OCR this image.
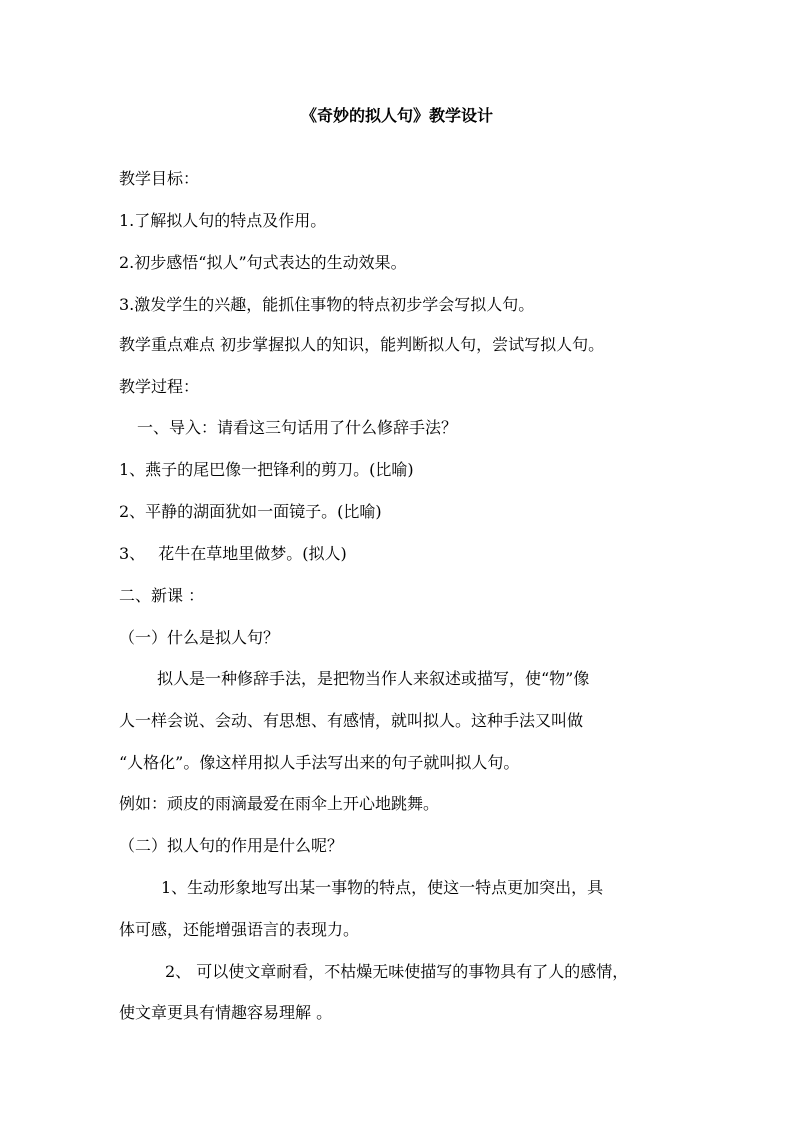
《奇妙的拟人句》教学设计
教学目标：
1.了解拟人句的特点及作用。
2.初步感悟“拟人”句式表达的生动效果。
3.激发学生的兴趣，能抓住事物的特点初步学会写拟人句。
教学重点难点 初步掌握拟人的知识，能判断拟人句，尝试写拟人句。
教学过程：
一、导入：请看这三句话用了什么修辞手法？
1、燕子的尾巴像一把锋利的剪刀。(比喻)
2、平静的湖面犹如一面镜子。(比喻)
3、　 花牛在草地里做梦。(拟人)
二、新课 ：
（一）什么是拟人句？
拟人是一种修辞手法，是把物当作人来叙述或描写，使“物”像
人一样会说、会动、有思想、有感情，就叫拟人。这种手法又叫做
“人格化”。像这样用拟人手法写出来的句子就叫拟人句。
例如：顽皮的雨滴最爱在雨伞上开心地跳舞。
（二）拟人句的作用是什么呢？
1、生动形象地写出某一事物的特点，使这一特点更加突出，具
体可感，还能增强语言的表现力。
2、 可以使文章耐看，不枯燥无味使描写的事物具有了人的感情，
使文章更具有情趣容易理解 。
